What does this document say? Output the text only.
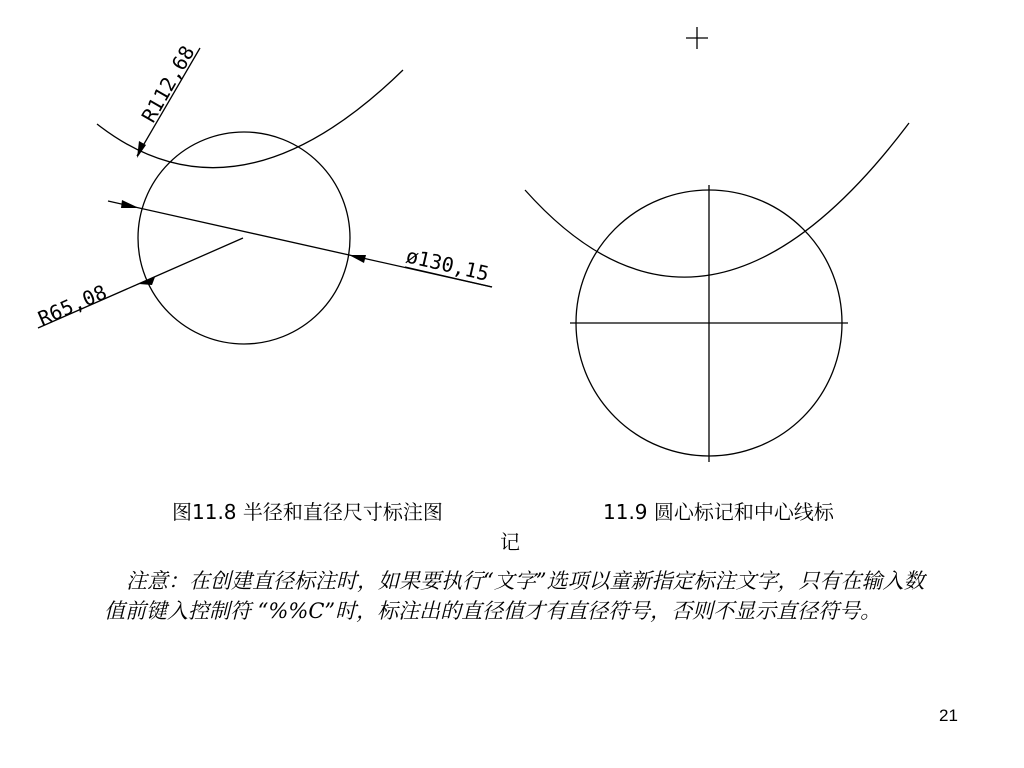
R112,68
ø130,15
R65,08
图11.8 半径和直径尺寸标注图
记
11.9 圆心标记和中心线标
注意：在创建直径标注时，如果要执行“文字”选项以童新指定标注文字，只有在输入数值前键入控制符 “%%C”时，标注出的直径值才有直径符号，否则不显示直径符号。
21
